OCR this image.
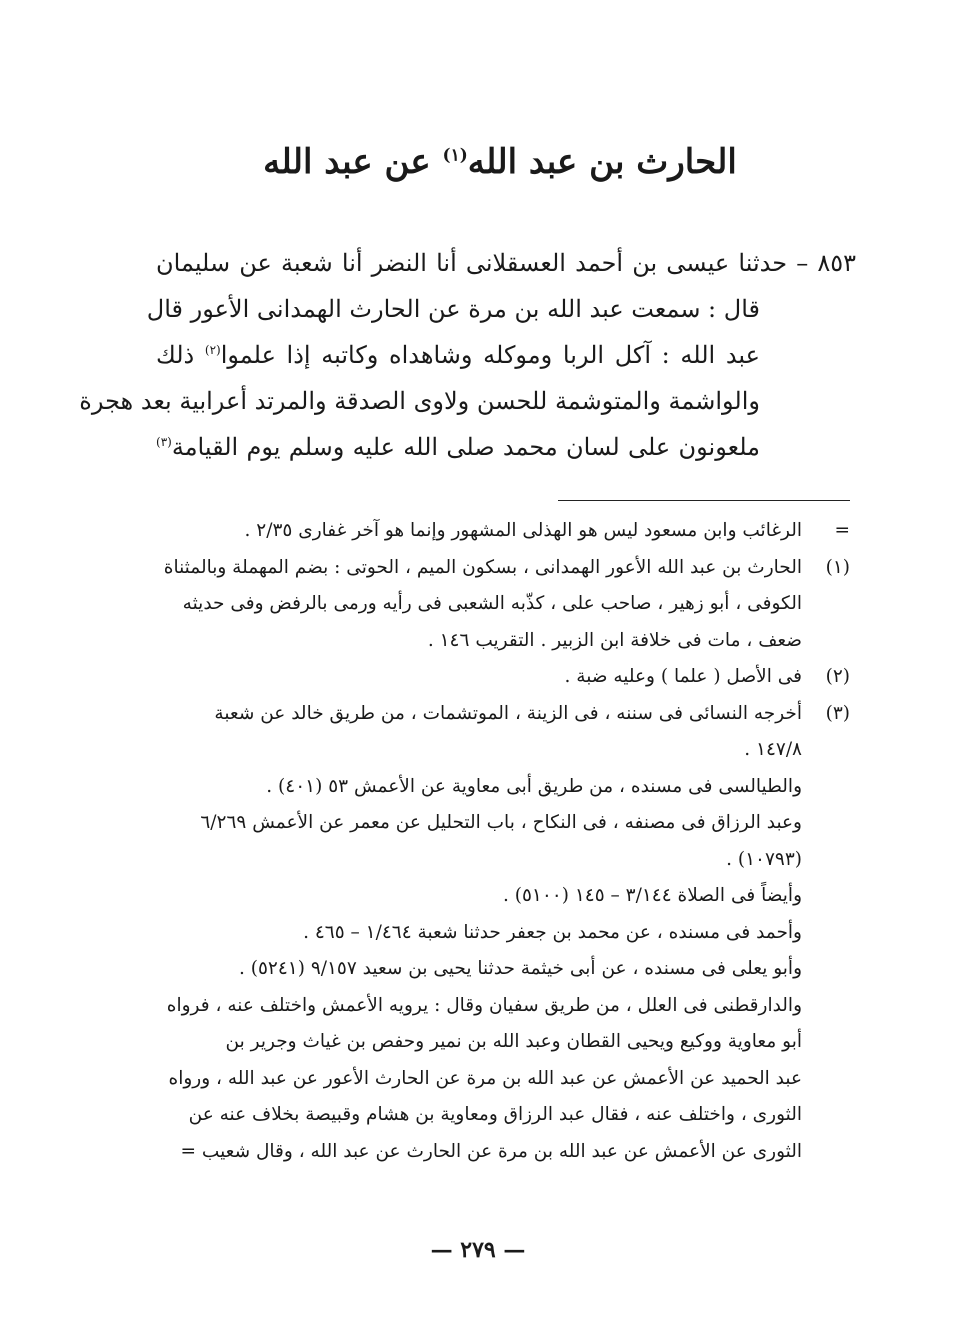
الحارث بن عبد الله$^{(١)}$ عن عبد الله
٨٥٣ – حدثنا عيسى بن أحمد العسقلانى أنا النضر أنا شعبة عن سليمان
قال : سمعت عبد الله بن مرة عن الحارث الهمدانى الأعور قال
عبد الله : آكل الربا وموكله وشاهداه وكاتبه إذا علموا$^{(٢)}$ ذلك
والواشمة والمتوشمة للحسن ولاوى الصدقة والمرتد أعرابية بعد هجرة
ملعونون على لسان محمد صلى الله عليه وسلم يوم القيامة$^{(٣)}$
=
الرغائب وابن مسعود ليس هو الهذلى المشهور وإنما هو آخر غفارى ٢/٣٥ .
(١)
الحارث بن عبد الله الأعور الهمدانى ، بسكون الميم ، الحوتى : بضم المهملة وبالمثناة
الكوفى ، أبو زهير ، صاحب على ، كذّبه الشعبى فى رأيه ورمى بالرفض وفى حديثه
ضعف ، مات فى خلافة ابن الزبير . التقريب ١٤٦ .
(٢)
فى الأصل ( علما ) وعليه ضبة .
(٣)
أخرجه النسائى فى سننه ، فى الزينة ، الموتشمات ، من طريق خالد عن شعبة
١٤٧/٨ .
والطيالسى فى مسنده ، من طريق أبى معاوية عن الأعمش ٥٣ (٤٠١) .
وعبد الرزاق فى مصنفه ، فى النكاح ، باب التحليل عن معمر عن الأعمش ٦/٢٦٩
(١٠٧٩٣) .
وأيضاً فى الصلاة ٣/١٤٤ – ١٤٥ (٥١٠٠) .
وأحمد فى مسنده ، عن محمد بن جعفر حدثنا شعبة ١/٤٦٤ – ٤٦٥ .
وأبو يعلى فى مسنده ، عن أبى خيثمة حدثنا يحيى بن سعيد ٩/١٥٧ (٥٢٤١) .
والدارقطنى فى العلل ، من طريق سفيان وقال : يرويه الأعمش واختلف عنه ، فرواه
أبو معاوية ووكيع ويحيى القطان وعبد الله بن نمير وحفص بن غياث وجرير بن
عبد الحميد عن الأعمش عن عبد الله بن مرة عن الحارث الأعور عن عبد الله ، ورواه
الثورى ، واختلف عنه ، فقال عبد الرزاق ومعاوية بن هشام وقبيصة بخلاف عنه عن
الثورى عن الأعمش عن عبد الله بن مرة عن الحارث عن عبد الله ، وقال شعيب =
— ٢٧٩ —
